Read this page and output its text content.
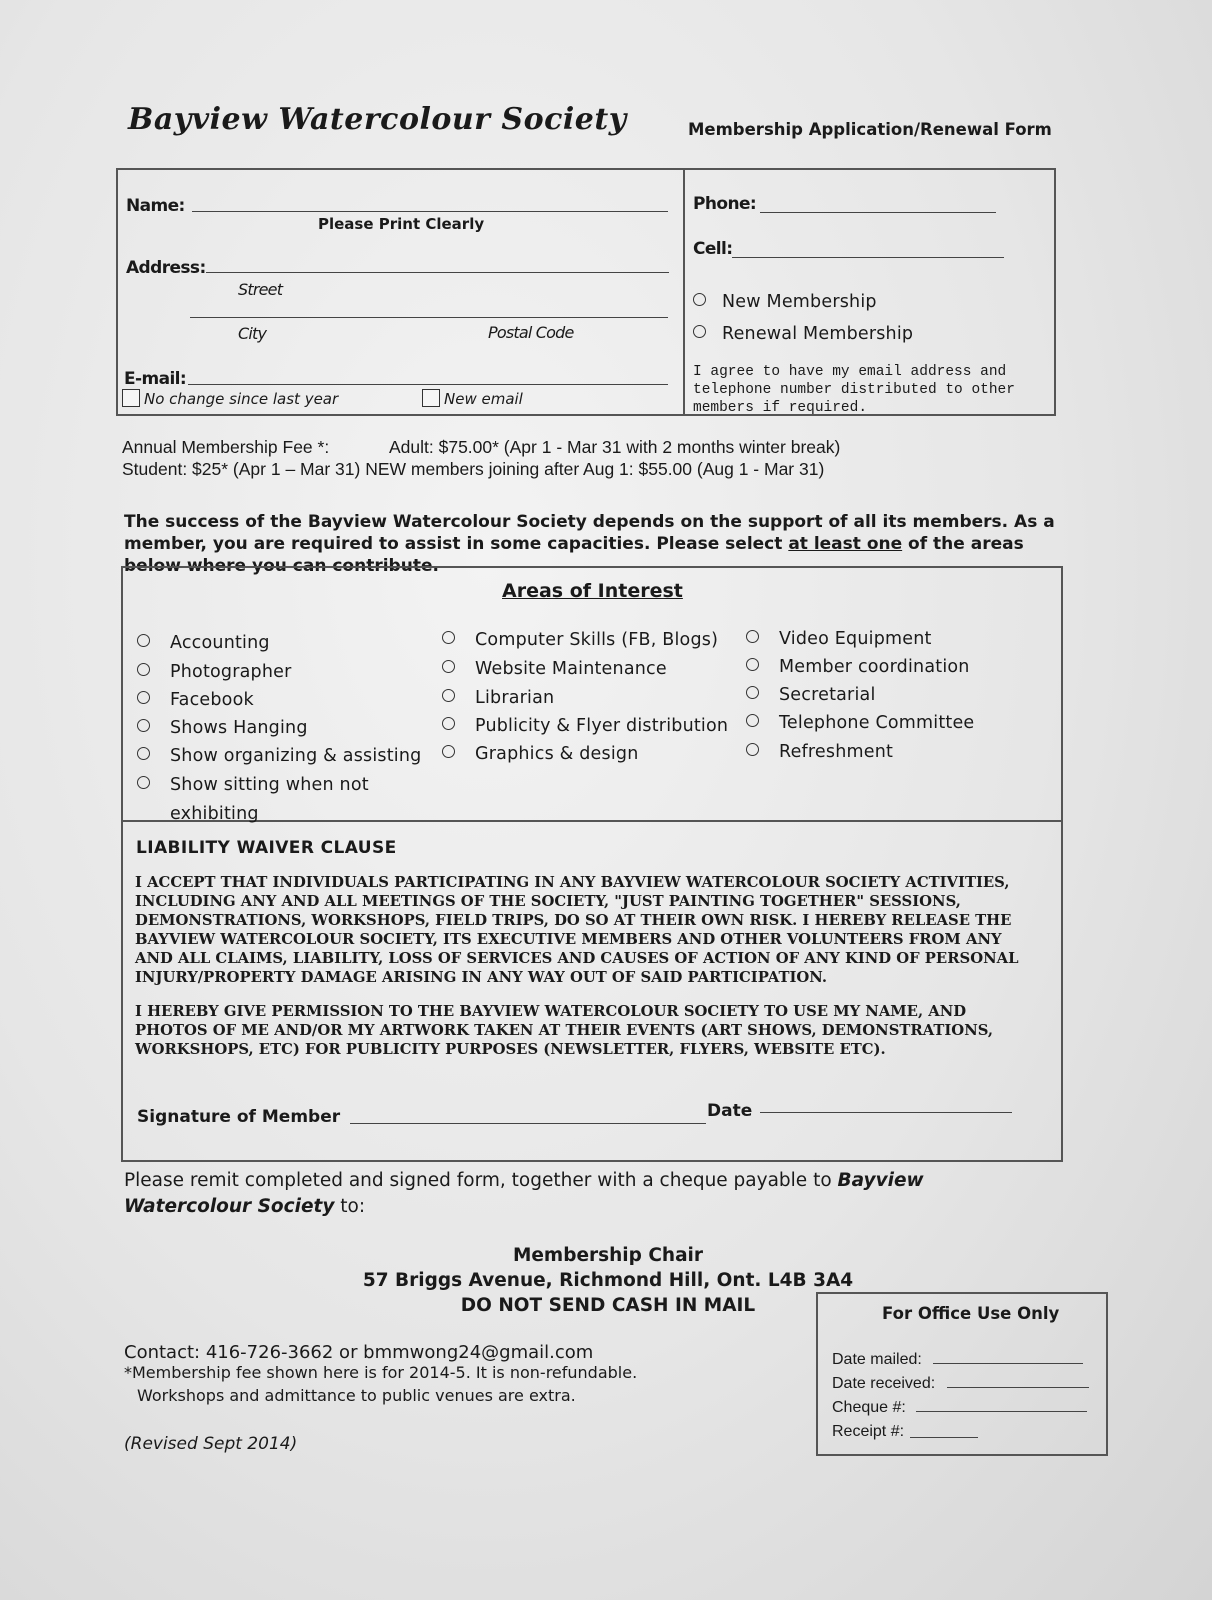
Bayview Watercolour Society	Membership Application/Renewal Form
Name:
Please Print Clearly
Address:
Street
City	Postal Code
E-mail:
No change since last year	New email
Phone:
Cell:
New Membership
Renewal Membership
I agree to have my email address and
telephone number distributed to other
members if required.
Annual Membership Fee *:	Adult: $75.00* (Apr 1 - Mar 31 with 2 months winter break)
Student: $25* (Apr 1 – Mar 31) NEW members joining after Aug 1: $55.00 (Aug 1 - Mar 31)
The success of the Bayview Watercolour Society depends on the support of all its members. As a member, you are required to assist in some capacities. Please select at least one of the areas below where you can contribute.
Areas of Interest
Accounting
Photographer
Facebook
Shows Hanging
Show organizing & assisting
Show sitting when not
exhibiting
Computer Skills (FB, Blogs)
Website Maintenance
Librarian
Publicity & Flyer distribution
Graphics & design
Video Equipment
Member coordination
Secretarial
Telephone Committee
Refreshment
LIABILITY WAIVER CLAUSE
I ACCEPT THAT INDIVIDUALS PARTICIPATING IN ANY BAYVIEW WATERCOLOUR SOCIETY ACTIVITIES, INCLUDING ANY AND ALL MEETINGS OF THE SOCIETY, "JUST PAINTING TOGETHER" SESSIONS, DEMONSTRATIONS, WORKSHOPS, FIELD TRIPS, DO SO AT THEIR OWN RISK. I HEREBY RELEASE THE BAYVIEW WATERCOLOUR SOCIETY, ITS EXECUTIVE MEMBERS AND OTHER VOLUNTEERS FROM ANY AND ALL CLAIMS, LIABILITY, LOSS OF SERVICES AND CAUSES OF ACTION OF ANY KIND OF PERSONAL INJURY/PROPERTY DAMAGE ARISING IN ANY WAY OUT OF SAID PARTICIPATION.
I HEREBY GIVE PERMISSION TO THE BAYVIEW WATERCOLOUR SOCIETY TO USE MY NAME, AND PHOTOS OF ME AND/OR MY ARTWORK TAKEN AT THEIR EVENTS (ART SHOWS, DEMONSTRATIONS, WORKSHOPS, ETC) FOR PUBLICITY PURPOSES (NEWSLETTER, FLYERS, WEBSITE ETC).
Signature of Member	Date
Please remit completed and signed form, together with a cheque payable to Bayview Watercolour Society to:
Membership Chair
57 Briggs Avenue, Richmond Hill, Ont. L4B 3A4
DO NOT SEND CASH IN MAIL	For Office Use Only
Date mailed:
Date received:
Cheque #:
Receipt #:
Contact: 416-726-3662 or bmmwong24@gmail.com
*Membership fee shown here is for 2014-5. It is non-refundable.
Workshops and admittance to public venues are extra.
(Revised Sept 2014)
